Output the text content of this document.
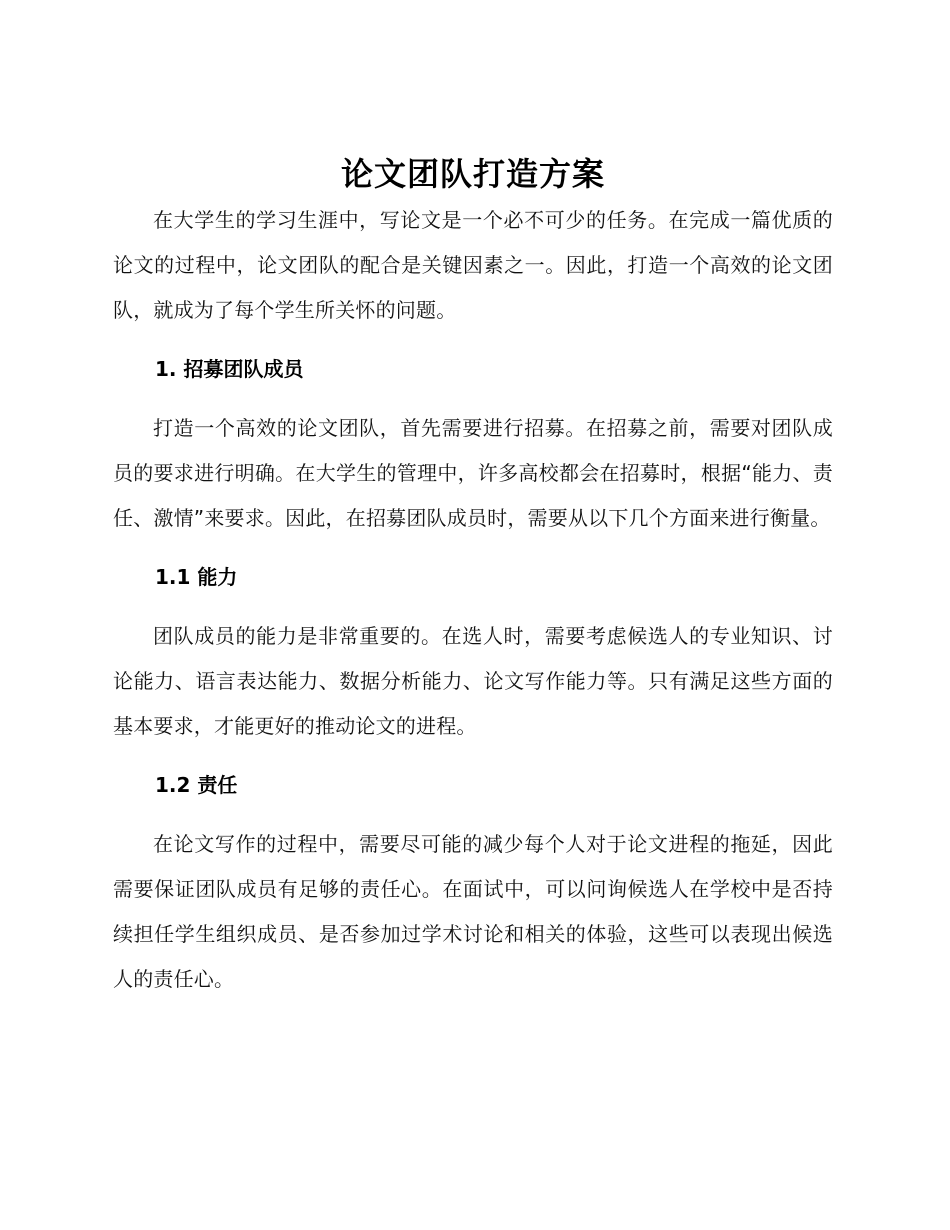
论文团队打造方案

在大学生的学习生涯中，写论文是一个必不可少的任务。在完成一篇优质的论文的过程中，论文团队的配合是关键因素之一。因此，打造一个高效的论文团队，就成为了每个学生所关怀的问题。

1. 招募团队成员

打造一个高效的论文团队，首先需要进行招募。在招募之前，需要对团队成员的要求进行明确。在大学生的管理中，许多高校都会在招募时，根据“能力、责任、激情”来要求。因此，在招募团队成员时，需要从以下几个方面来进行衡量。

1.1 能力

团队成员的能力是非常重要的。在选人时，需要考虑候选人的专业知识、讨论能力、语言表达能力、数据分析能力、论文写作能力等。只有满足这些方面的基本要求，才能更好的推动论文的进程。

1.2 责任

在论文写作的过程中，需要尽可能的减少每个人对于论文进程的拖延，因此需要保证团队成员有足够的责任心。在面试中，可以问询候选人在学校中是否持续担任学生组织成员、是否参加过学术讨论和相关的体验，这些可以表现出候选人的责任心。
